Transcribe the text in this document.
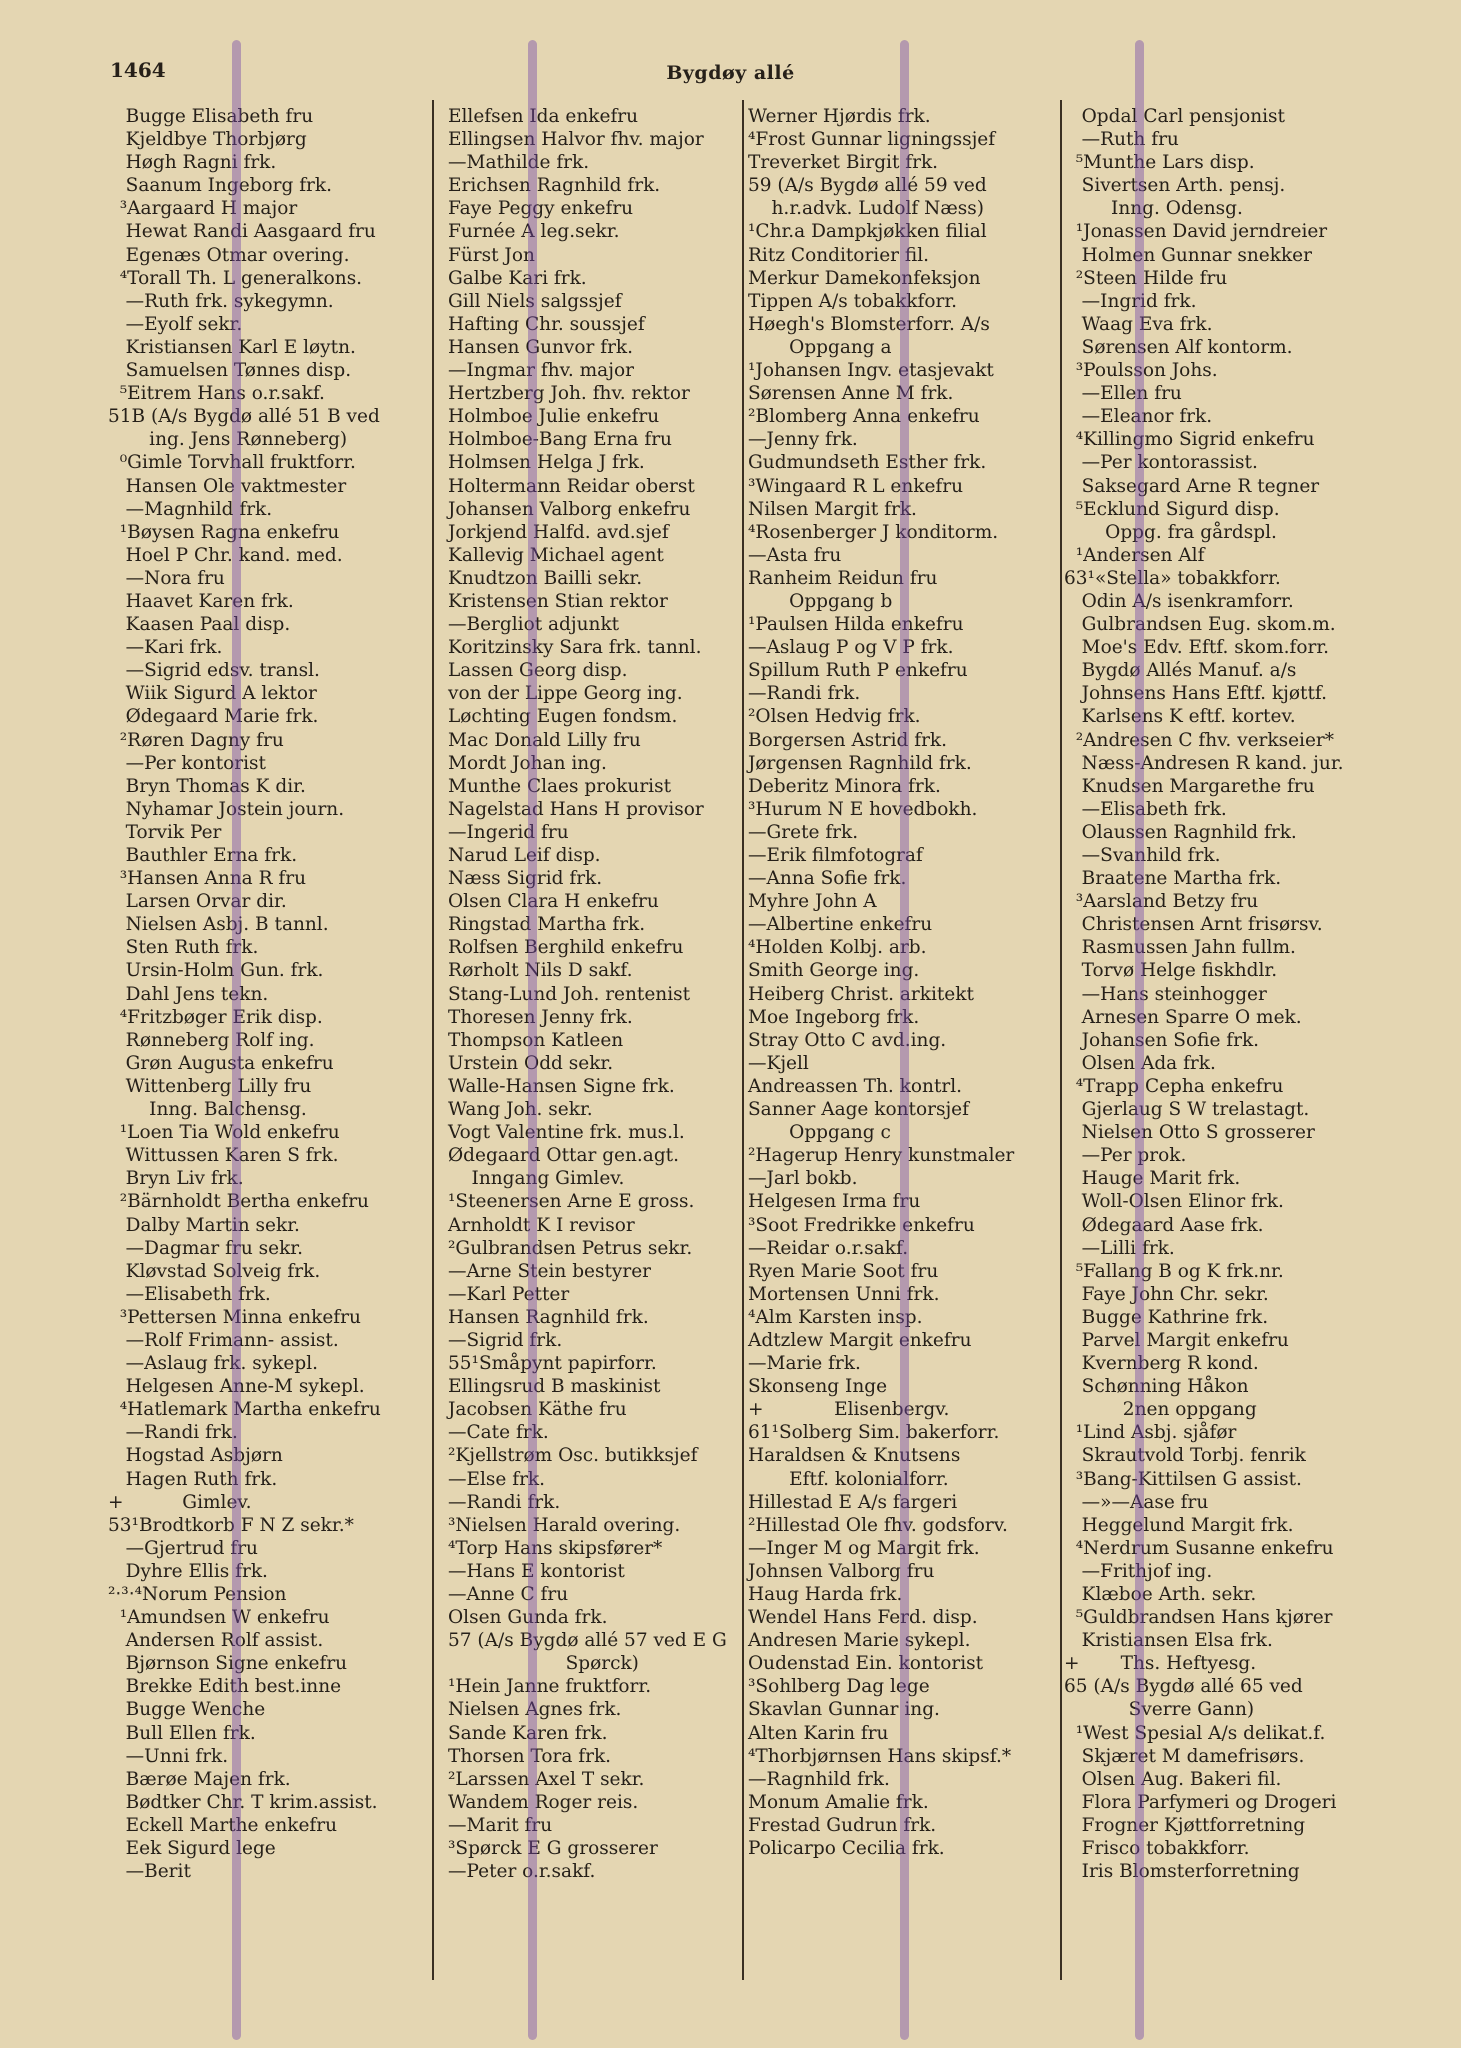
1464	Bygdøy allé
Bugge Elisabeth fru
Kjeldbye Thorbjørg
Høgh Ragni frk.
Saanum Ingeborg frk.
³Aargaard H major
Hewat Randi Aasgaard fru
Egenæs Otmar overing.
⁴Torall Th. L generalkons.
—Ruth frk. sykegymn.
—Eyolf sekr.
Kristiansen Karl E løytn.
Samuelsen Tønnes disp.
⁵Eitrem Hans o.r.sakf.
51B (A/s Bygdø allé 51 B ved
ing. Jens Rønneberg)
⁰Gimle Torvhall fruktforr.
Hansen Ole vaktmester
—Magnhild frk.
¹Bøysen Ragna enkefru
Hoel P Chr. kand. med.
—Nora fru
Haavet Karen frk.
Kaasen Paal disp.
—Kari frk.
—Sigrid edsv. transl.
Wiik Sigurd A lektor
Ødegaard Marie frk.
²Røren Dagny fru
—Per kontorist
Bryn Thomas K dir.
Nyhamar Jostein journ.
Torvik Per
Bauthler Erna frk.
³Hansen Anna R fru
Larsen Orvar dir.
Nielsen Asbj. B tannl.
Sten Ruth frk.
Ursin-Holm Gun. frk.
Dahl Jens tekn.
⁴Fritzbøger Erik disp.
Rønneberg Rolf ing.
Grøn Augusta enkefru
Wittenberg Lilly fru
Inng. Balchensg.
¹Loen Tia Wold enkefru
Wittussen Karen S frk.
Bryn Liv frk.
²Bärnholdt Bertha enkefru
Dalby Martin sekr.
—Dagmar fru sekr.
Kløvstad Solveig frk.
—Elisabeth frk.
³Pettersen Minna enkefru
—Rolf Frimann- assist.
—Aslaug frk. sykepl.
Helgesen Anne-M sykepl.
⁴Hatlemark Martha enkefru
—Randi frk.
Hogstad Asbjørn
Hagen Ruth frk.
+          Gimlev.
53¹Brodtkorb F N Z sekr.*
—Gjertrud fru
Dyhre Ellis frk.
²‧³‧⁴Norum Pension
¹Amundsen W enkefru
Andersen Rolf assist.
Bjørnson Signe enkefru
Brekke Edith best.inne
Bugge Wenche
Bull Ellen frk.
—Unni frk.
Bærøe Majen frk.
Bødtker Chr. T krim.assist.
Eckell Marthe enkefru
Eek Sigurd lege
—Berit
Ellefsen Ida enkefru
Ellingsen Halvor fhv. major
—Mathilde frk.
Erichsen Ragnhild frk.
Faye Peggy enkefru
Furnée A leg.sekr.
Fürst Jon
Galbe Kari frk.
Gill Niels salgssjef
Hafting Chr. soussjef
Hansen Gunvor frk.
—Ingmar fhv. major
Hertzberg Joh. fhv. rektor
Holmboe Julie enkefru
Holmboe-Bang Erna fru
Holmsen Helga J frk.
Holtermann Reidar oberst
Johansen Valborg enkefru
Jorkjend Halfd. avd.sjef
Kallevig Michael agent
Knudtzon Bailli sekr.
Kristensen Stian rektor
—Bergliot adjunkt
Koritzinsky Sara frk. tannl.
Lassen Georg disp.
von der Lippe Georg ing.
Løchting Eugen fondsm.
Mac Donald Lilly fru
Mordt Johan ing.
Munthe Claes prokurist
Nagelstad Hans H provisor
—Ingerid fru
Narud Leif disp.
Næss Sigrid frk.
Olsen Clara H enkefru
Ringstad Martha frk.
Rolfsen Berghild enkefru
Rørholt Nils D sakf.
Stang-Lund Joh. rentenist
Thoresen Jenny frk.
Thompson Katleen
Urstein Odd sekr.
Walle-Hansen Signe frk.
Wang Joh. sekr.
Vogt Valentine frk. mus.l.
Ødegaard Ottar gen.agt.
Inngang Gimlev.
¹Steenersen Arne E gross.
Arnholdt K I revisor
²Gulbrandsen Petrus sekr.
—Arne Stein bestyrer
—Karl Petter
Hansen Ragnhild frk.
—Sigrid frk.
55¹Småpynt papirforr.
Ellingsrud B maskinist
Jacobsen Käthe fru
—Cate frk.
²Kjellstrøm Osc. butikksjef
—Else frk.
—Randi frk.
³Nielsen Harald overing.
⁴Torp Hans skipsfører*
—Hans E kontorist
—Anne C fru
Olsen Gunda frk.
57 (A/s Bygdø allé 57 ved E G
Spørck)
¹Hein Janne fruktforr.
Nielsen Agnes frk.
Sande Karen frk.
Thorsen Tora frk.
²Larssen Axel T sekr.
Wandem Roger reis.
—Marit fru
³Spørck E G grosserer
—Peter o.r.sakf.
Werner Hjørdis frk.
⁴Frost Gunnar ligningssjef
Treverket Birgit frk.
59 (A/s Bygdø allé 59 ved
h.r.advk. Ludolf Næss)
¹Chr.a Dampkjøkken filial
Ritz Conditorier fil.
Merkur Damekonfeksjon
Tippen A/s tobakkforr.
Høegh's Blomsterforr. A/s
Oppgang a
¹Johansen Ingv. etasjevakt
Sørensen Anne M frk.
²Blomberg Anna enkefru
—Jenny frk.
Gudmundseth Esther frk.
³Wingaard R L enkefru
Nilsen Margit frk.
⁴Rosenberger J konditorm.
—Asta fru
Ranheim Reidun fru
Oppgang b
¹Paulsen Hilda enkefru
—Aslaug P og V P frk.
Spillum Ruth P enkefru
—Randi frk.
²Olsen Hedvig frk.
Borgersen Astrid frk.
Jørgensen Ragnhild frk.
Deberitz Minora frk.
³Hurum N E hovedbokh.
—Grete frk.
—Erik filmfotograf
—Anna Sofie frk.
Myhre John A
—Albertine enkefru
⁴Holden Kolbj. arb.
Smith George ing.
Heiberg Christ. arkitekt
Moe Ingeborg frk.
Stray Otto C avd.ing.
—Kjell
Andreassen Th. kontrl.
Sanner Aage kontorsjef
Oppgang c
²Hagerup Henry kunstmaler
—Jarl bokb.
Helgesen Irma fru
³Soot Fredrikke enkefru
—Reidar o.r.sakf.
Ryen Marie Soot fru
Mortensen Unni frk.
⁴Alm Karsten insp.
Adtzlew Margit enkefru
—Marie frk.
Skonseng Inge
+            Elisenbergv.
61¹Solberg Sim. bakerforr.
Haraldsen & Knutsens
Eftf. kolonialforr.
Hillestad E A/s fargeri
²Hillestad Ole fhv. godsforv.
—Inger M og Margit frk.
Johnsen Valborg fru
Haug Harda frk.
Wendel Hans Ferd. disp.
Andresen Marie sykepl.
Oudenstad Ein. kontorist
³Sohlberg Dag lege
Skavlan Gunnar ing.
Alten Karin fru
⁴Thorbjørnsen Hans skipsf.*
—Ragnhild frk.
Monum Amalie frk.
Frestad Gudrun frk.
Policarpo Cecilia frk.
Opdal Carl pensjonist
—Ruth fru
⁵Munthe Lars disp.
Sivertsen Arth. pensj.
Inng. Odensg.
¹Jonassen David jerndreier
Holmen Gunnar snekker
²Steen Hilde fru
—Ingrid frk.
Waag Eva frk.
Sørensen Alf kontorm.
³Poulsson Johs.
—Ellen fru
—Eleanor frk.
⁴Killingmo Sigrid enkefru
—Per kontorassist.
Saksegard Arne R tegner
⁵Ecklund Sigurd disp.
Oppg. fra gårdspl.
¹Andersen Alf
63¹«Stella» tobakkforr.
Odin A/s isenkramforr.
Gulbrandsen Eug. skom.m.
Moe's Edv. Eftf. skom.forr.
Bygdø Allés Manuf. a/s
Johnsens Hans Eftf. kjøttf.
Karlsens K eftf. kortev.
²Andresen C fhv. verkseier*
Næss-Andresen R kand. jur.
Knudsen Margarethe fru
—Elisabeth frk.
Olaussen Ragnhild frk.
—Svanhild frk.
Braatene Martha frk.
³Aarsland Betzy fru
Christensen Arnt frisørsv.
Rasmussen Jahn fullm.
Torvø Helge fiskhdlr.
—Hans steinhogger
Arnesen Sparre O mek.
Johansen Sofie frk.
Olsen Ada frk.
⁴Trapp Cepha enkefru
Gjerlaug S W trelastagt.
Nielsen Otto S grosserer
—Per prok.
Hauge Marit frk.
Woll-Olsen Elinor frk.
Ødegaard Aase frk.
—Lilli frk.
⁵Fallang B og K frk.nr.
Faye John Chr. sekr.
Bugge Kathrine frk.
Parvel Margit enkefru
Kvernberg R kond.
Schønning Håkon
2nen oppgang
¹Lind Asbj. sjåfør
Skrautvold Torbj. fenrik
³Bang-Kittilsen G assist.
—»—Aase fru
Heggelund Margit frk.
⁴Nerdrum Susanne enkefru
—Frithjof ing.
Klæboe Arth. sekr.
⁵Guldbrandsen Hans kjører
Kristiansen Elsa frk.
+       Ths. Heftyesg.
65 (A/s Bygdø allé 65 ved
Sverre Gann)
¹West Spesial A/s delikat.f.
Skjæret M damefrisørs.
Olsen Aug. Bakeri fil.
Flora Parfymeri og Drogeri
Frogner Kjøttforretning
Frisco tobakkforr.
Iris Blomsterforretning
